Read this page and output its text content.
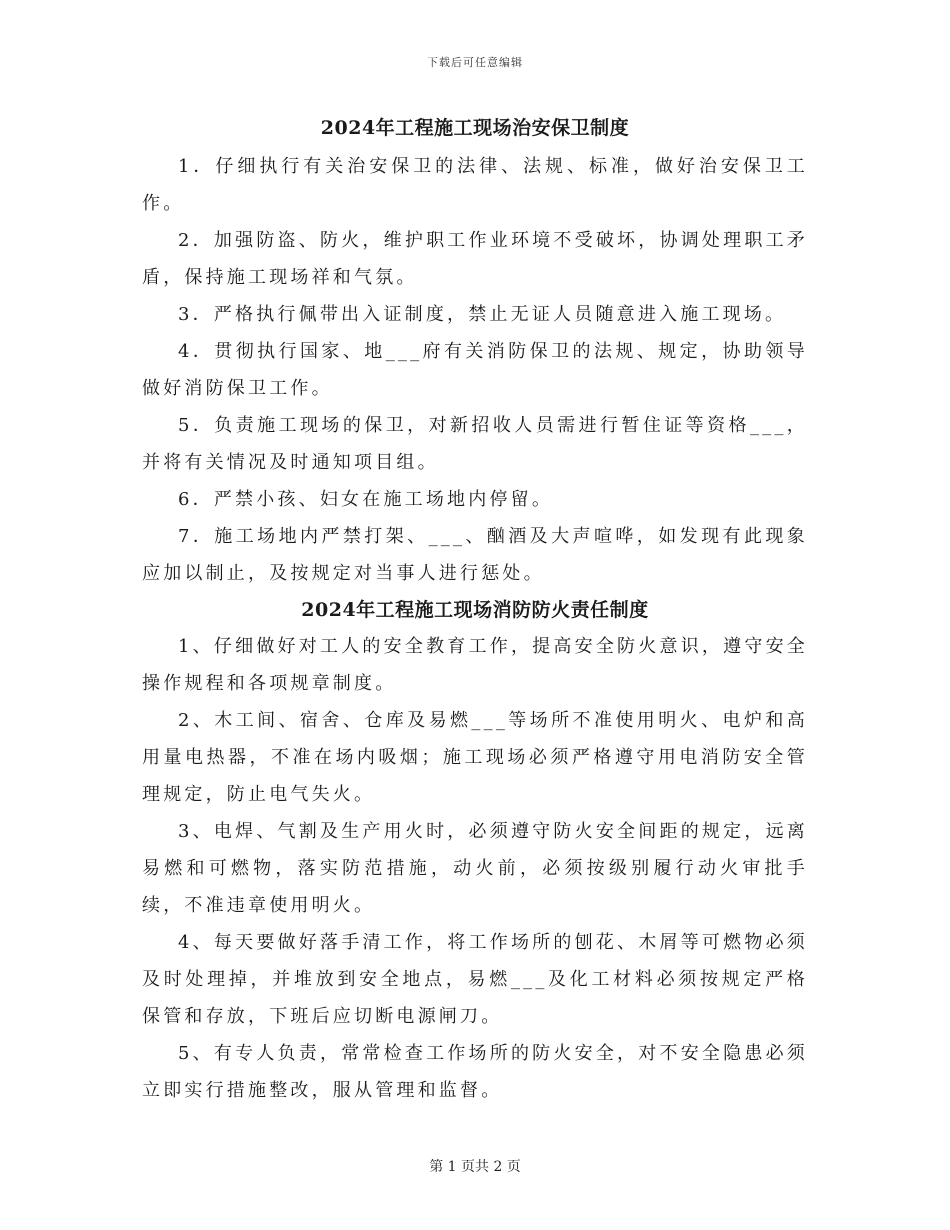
下载后可任意编辑
2024年工程施工现场治安保卫制度

1．仔细执行有关治安保卫的法律、法规、标准，做好治安保卫工作。

2．加强防盗、防火，维护职工作业环境不受破坏，协调处理职工矛盾，保持施工现场祥和气氛。

3．严格执行佩带出入证制度，禁止无证人员随意进入施工现场。

4．贯彻执行国家、地___府有关消防保卫的法规、规定，协助领导做好消防保卫工作。

5．负责施工现场的保卫，对新招收人员需进行暂住证等资格___，并将有关情况及时通知项目组。

6．严禁小孩、妇女在施工场地内停留。

7．施工场地内严禁打架、___、酗酒及大声喧哗，如发现有此现象应加以制止，及按规定对当事人进行惩处。

2024年工程施工现场消防防火责任制度

1、仔细做好对工人的安全教育工作，提高安全防火意识，遵守安全操作规程和各项规章制度。

2、木工间、宿舍、仓库及易燃___等场所不准使用明火、电炉和高用量电热器，不准在场内吸烟；施工现场必须严格遵守用电消防安全管理规定，防止电气失火。

3、电焊、气割及生产用火时，必须遵守防火安全间距的规定，远离易燃和可燃物，落实防范措施，动火前，必须按级别履行动火审批手续，不准违章使用明火。

4、每天要做好落手清工作，将工作场所的刨花、木屑等可燃物必须及时处理掉，并堆放到安全地点，易燃___及化工材料必须按规定严格保管和存放，下班后应切断电源闸刀。

5、有专人负责，常常检查工作场所的防火安全，对不安全隐患必须立即实行措施整改，服从管理和监督。

第 1 页共 2 页
